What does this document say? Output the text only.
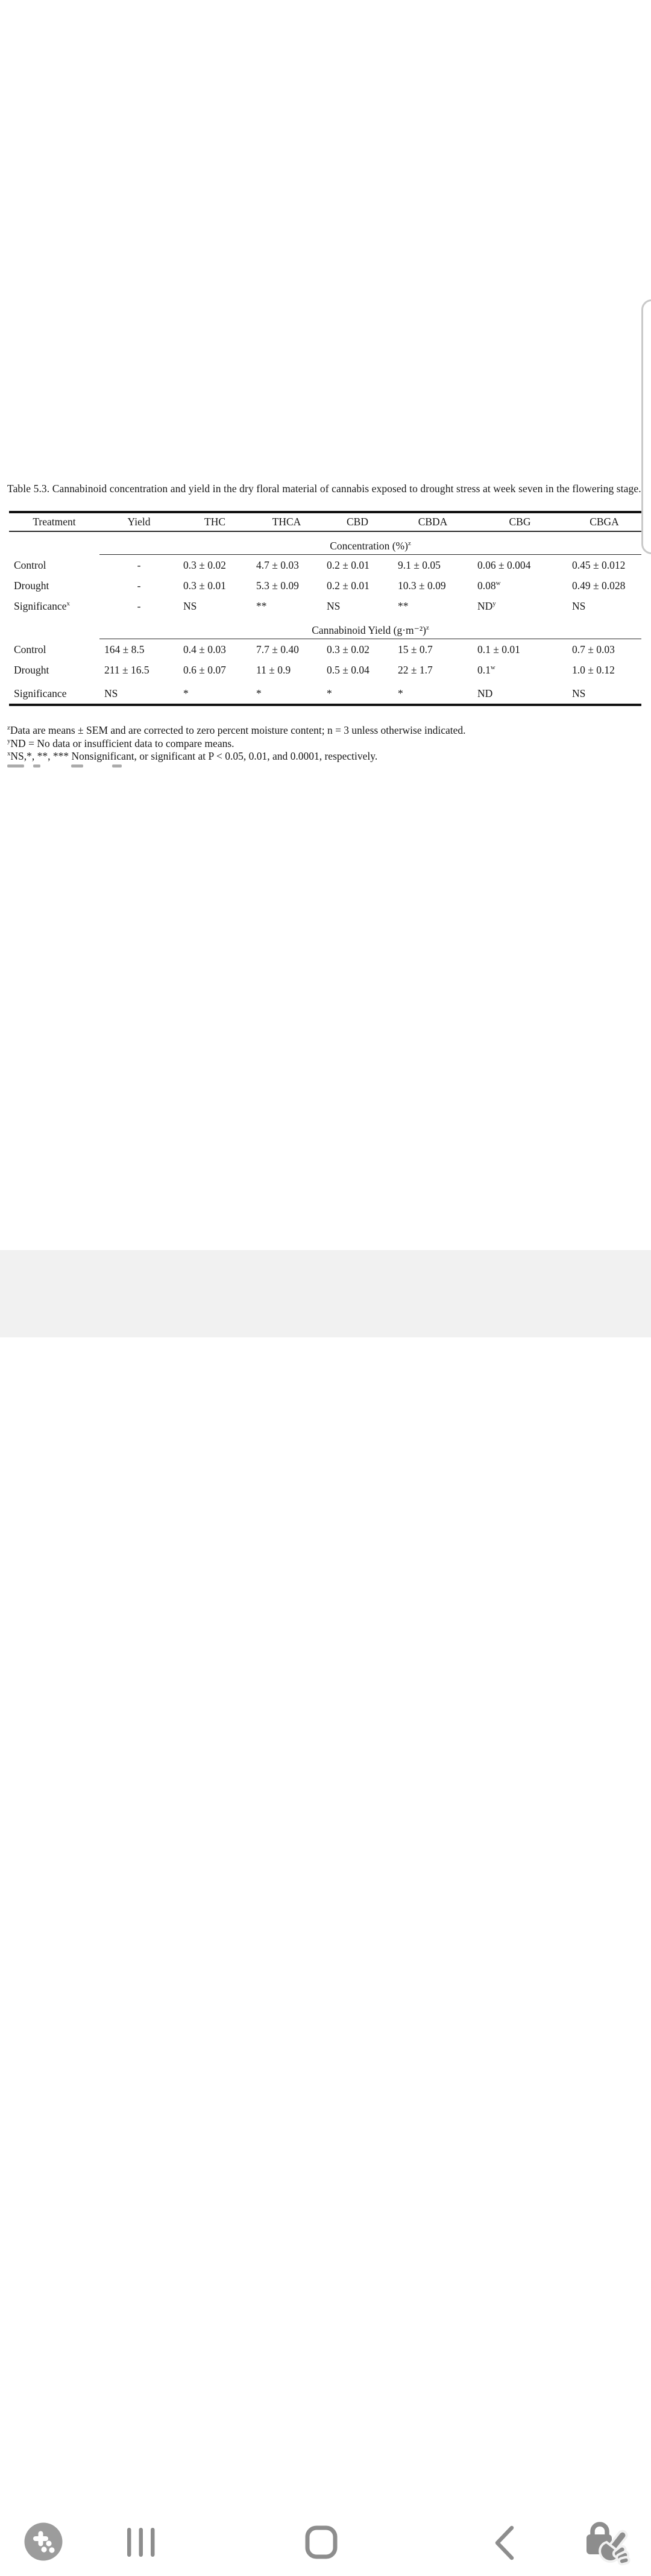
Table 5.3. Cannabinoid concentration and yield in the dry floral material of cannabis exposed to drought stress at week seven in the flowering stage.
Treatment	Yield	THC	THCA	CBD	CBDA	CBG	CBGA
Concentration (%)$^z$
Control	-	0.3 ± 0.02	4.7 ± 0.03	0.2 ± 0.01	9.1 ± 0.05	0.06 ± 0.004	0.45 ± 0.012
Drought	-	0.3 ± 0.01	5.3 ± 0.09	0.2 ± 0.01	10.3 ± 0.09	0.08$^w$	0.49 ± 0.028
Significance$^x$	-	NS	**	NS	**	$ND^y$	NS
Cannabinoid Yield $(g\cdot m^{-2})^z$
Control	164 ± 8.5	0.4 ± 0.03	7.7 ± 0.40	0.3 ± 0.02	15 ± 0.7	0.1 ± 0.01	0.7 ± 0.03
Drought	211 ± 16.5	0.6 ± 0.07	11 ± 0.9	0.5 ± 0.04	22 ± 1.7	0.1$^w$	1.0 ± 0.12
Significance	NS	*	*	*	*	ND	NS
$^z$Data are means ± SEM and are corrected to zero percent moisture content; n = 3 unless otherwise indicated.
$^y$ND = No data or insufficient data to compare means.
$^x$NS,*, **, *** Nonsignificant, or significant at P < 0.05, 0.01, and 0.0001, respectively.
